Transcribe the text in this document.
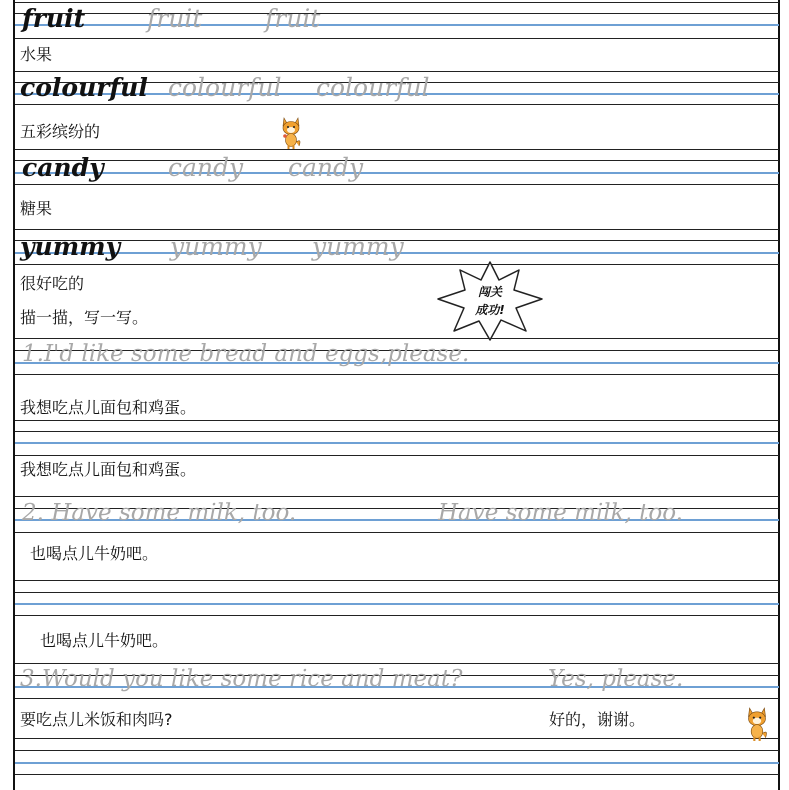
fruit fruit	fruit
水果
colourful colourful colourful
五彩缤纷的
candy	candy candy
糖果
yummy yummy yummy
很好吃的
描一描，写一写。
1.I'd like some bread and eggs,please.
我想吃点儿面包和鸡蛋。
我想吃点儿面包和鸡蛋。
2. Have some milk, too.	Have some milk, too.
也喝点儿牛奶吧。
也喝点儿牛奶吧。
3.Would you like some rice and meat?	Yes, please.
要吃点儿米饭和肉吗?	好的，谢谢。
闯关
成功!
